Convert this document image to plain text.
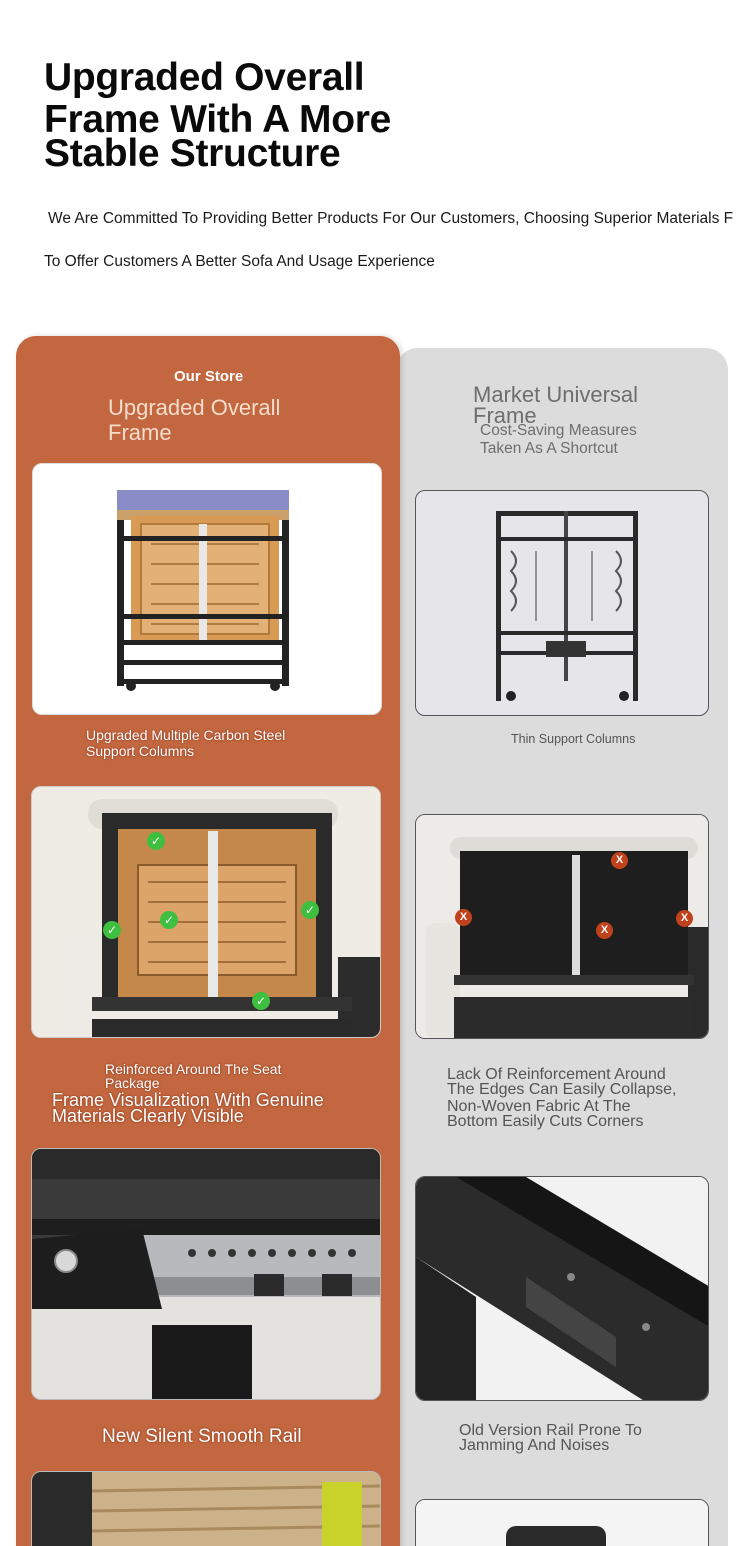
Upgraded Overall
Frame With A More
Stable Structure
We Are Committed To Providing Better Products For Our Customers, Choosing Superior Materials F
To Offer Customers A Better Sofa And Usage Experience
Our Store
Upgraded Overall
Frame
Market Universal
Frame
Cost-Saving Measures
Taken As A Shortcut
Upgraded Multiple Carbon Steel
Support Columns
Thin Support Columns
✓
✓
✓
✓
✓
Reinforced Around The Seat
Package
Frame Visualization With Genuine
Materials Clearly Visible
X
X
X
X
Lack Of Reinforcement Around
The Edges Can Easily Collapse,
Non-Woven Fabric At The
Bottom Easily Cuts Corners
New Silent Smooth Rail	Old Version Rail Prone To
Jamming And Noises
